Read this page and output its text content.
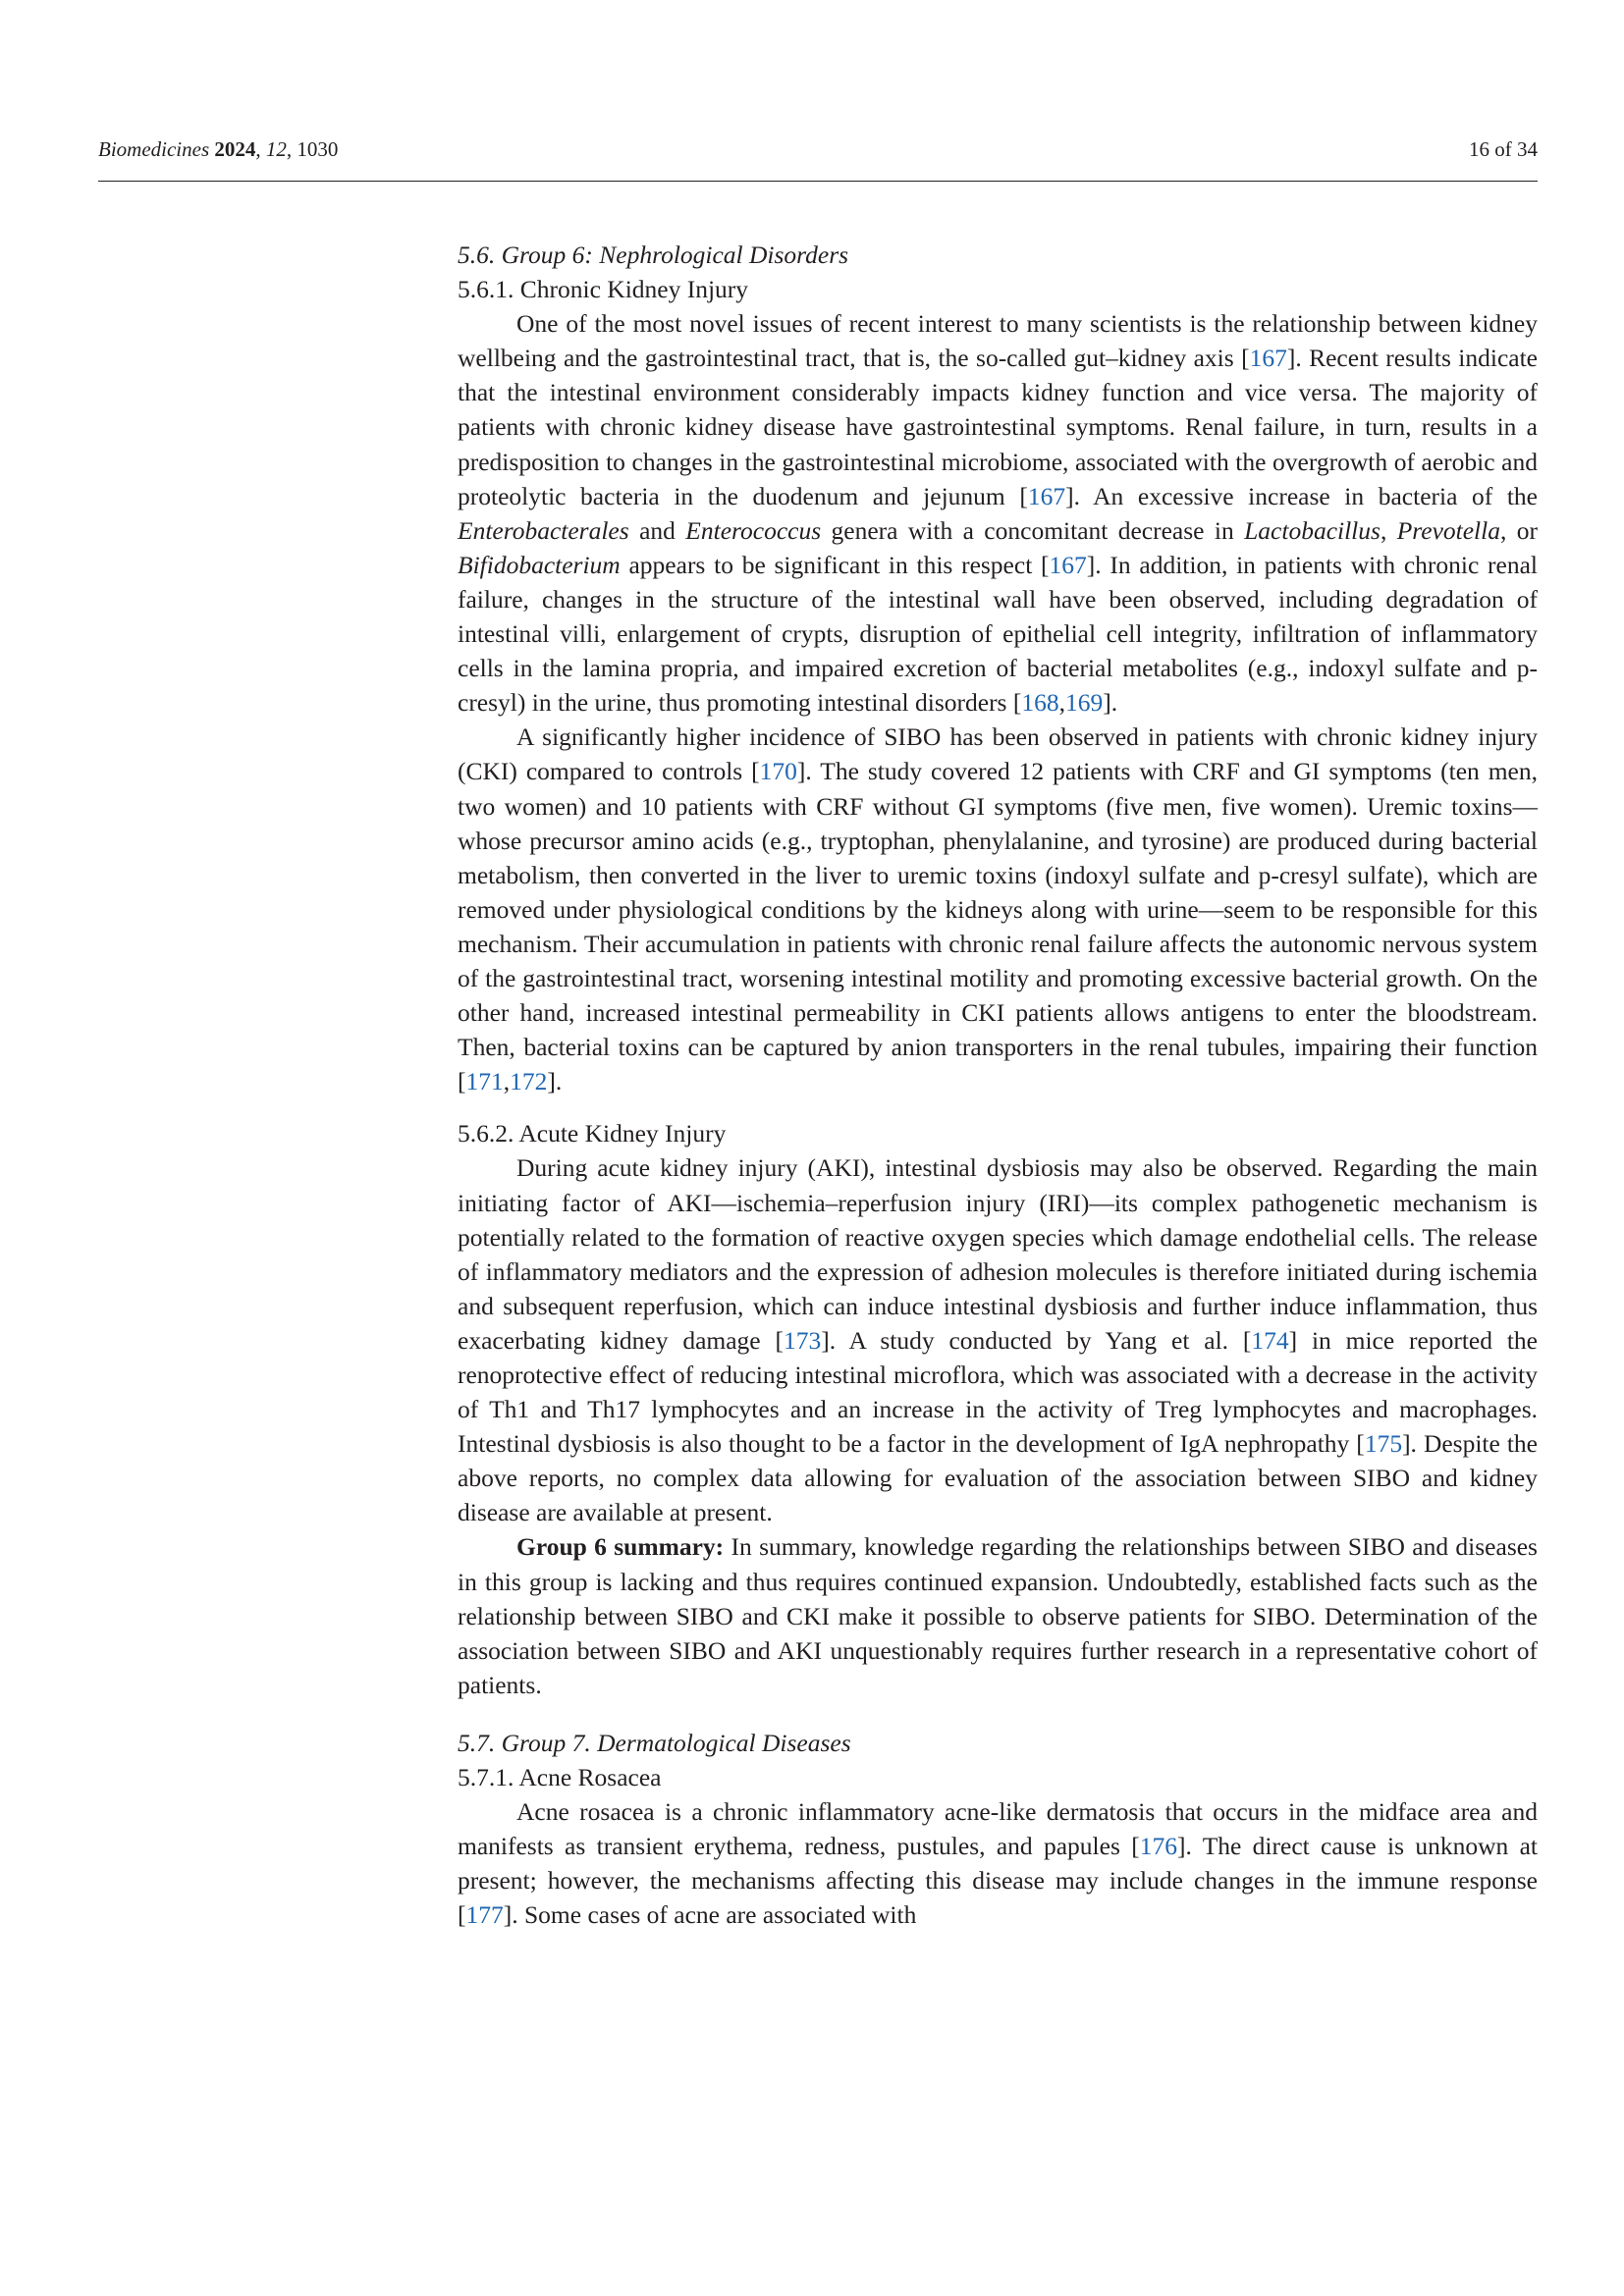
Biomedicines 2024, 12, 1030	16 of 34
5.6. Group 6: Nephrological Disorders
5.6.1. Chronic Kidney Injury

One of the most novel issues of recent interest to many scientists is the relationship between kidney wellbeing and the gastrointestinal tract, that is, the so-called gut–kidney axis [167]. Recent results indicate that the intestinal environment considerably impacts kidney function and vice versa. The majority of patients with chronic kidney disease have gastrointestinal symptoms. Renal failure, in turn, results in a predisposition to changes in the gastrointestinal microbiome, associated with the overgrowth of aerobic and proteolytic bacteria in the duodenum and jejunum [167]. An excessive increase in bacteria of the Enterobacterales and Enterococcus genera with a concomitant decrease in Lactobacillus, Prevotella, or Bifidobacterium appears to be significant in this respect [167]. In addition, in patients with chronic renal failure, changes in the structure of the intestinal wall have been observed, including degradation of intestinal villi, enlargement of crypts, disruption of epithelial cell integrity, infiltration of inflammatory cells in the lamina propria, and impaired excretion of bacterial metabolites (e.g., indoxyl sulfate and p-cresyl) in the urine, thus promoting intestinal disorders [168,169].

A significantly higher incidence of SIBO has been observed in patients with chronic kidney injury (CKI) compared to controls [170]. The study covered 12 patients with CRF and GI symptoms (ten men, two women) and 10 patients with CRF without GI symptoms (five men, five women). Uremic toxins—whose precursor amino acids (e.g., tryptophan, phenylalanine, and tyrosine) are produced during bacterial metabolism, then converted in the liver to uremic toxins (indoxyl sulfate and p-cresyl sulfate), which are removed under physiological conditions by the kidneys along with urine—seem to be responsible for this mechanism. Their accumulation in patients with chronic renal failure affects the autonomic nervous system of the gastrointestinal tract, worsening intestinal motility and promoting excessive bacterial growth. On the other hand, increased intestinal permeability in CKI patients allows antigens to enter the bloodstream. Then, bacterial toxins can be captured by anion transporters in the renal tubules, impairing their function [171,172].

5.6.2. Acute Kidney Injury

During acute kidney injury (AKI), intestinal dysbiosis may also be observed. Regarding the main initiating factor of AKI—ischemia–reperfusion injury (IRI)—its complex pathogenetic mechanism is potentially related to the formation of reactive oxygen species which damage endothelial cells. The release of inflammatory mediators and the expression of adhesion molecules is therefore initiated during ischemia and subsequent reperfusion, which can induce intestinal dysbiosis and further induce inflammation, thus exacerbating kidney damage [173]. A study conducted by Yang et al. [174] in mice reported the renoprotective effect of reducing intestinal microflora, which was associated with a decrease in the activity of Th1 and Th17 lymphocytes and an increase in the activity of Treg lymphocytes and macrophages. Intestinal dysbiosis is also thought to be a factor in the development of IgA nephropathy [175]. Despite the above reports, no complex data allowing for evaluation of the association between SIBO and kidney disease are available at present.

Group 6 summary: In summary, knowledge regarding the relationships between SIBO and diseases in this group is lacking and thus requires continued expansion. Undoubtedly, established facts such as the relationship between SIBO and CKI make it possible to observe patients for SIBO. Determination of the association between SIBO and AKI unquestionably requires further research in a representative cohort of patients.

5.7. Group 7. Dermatological Diseases
5.7.1. Acne Rosacea

Acne rosacea is a chronic inflammatory acne-like dermatosis that occurs in the midface area and manifests as transient erythema, redness, pustules, and papules [176]. The direct cause is unknown at present; however, the mechanisms affecting this disease may include changes in the immune response [177]. Some cases of acne are associated with
